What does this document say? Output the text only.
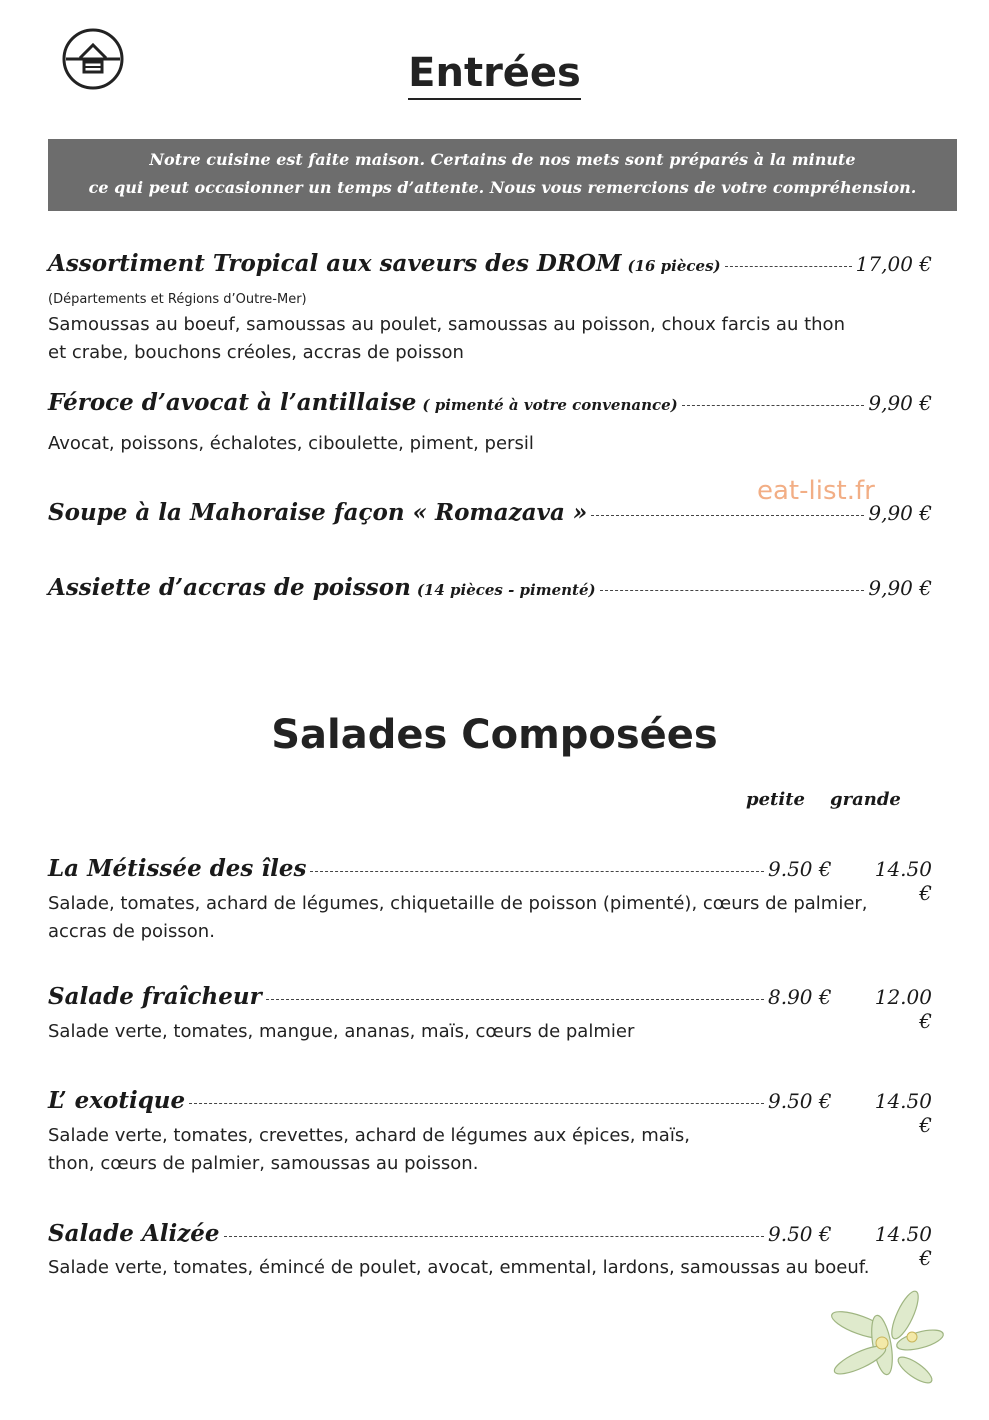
Entrées
Notre cuisine est faite maison. Certains de nos mets sont préparés à la minute
ce qui peut occasionner un temps d’attente. Nous vous remercions de votre compréhension.
Assortiment Tropical aux saveurs des DROM (16 pièces)	17,00 €
(Départements et Régions d’Outre-Mer)
Samoussas au boeuf, samoussas au poulet, samoussas au poisson, choux farcis au thon
et crabe, bouchons créoles, accras de poisson
Féroce d’avocat à l’antillaise ( pimenté à votre convenance)	9,90 €
Avocat, poissons, échalotes, ciboulette, piment, persil
Soupe à la Mahoraise façon « Romazava »	9,90 €
Assiette d’accras de poisson (14 pièces - pimenté)	9,90 €
eat-list.fr
Salades Composées
petite grande
La Métissée des îles	9.50 €	14.50 €
Salade, tomates, achard de légumes, chiquetaille de poisson (pimenté), cœurs de palmier,
accras de poisson.
Salade fraîcheur	8.90 €	12.00 €
Salade verte, tomates, mangue, ananas, maïs, cœurs de palmier
L’ exotique	9.50 €	14.50 €
Salade verte, tomates, crevettes, achard de légumes aux épices, maïs,
thon, cœurs de palmier, samoussas au poisson.
Salade Alizée	9.50 €	14.50 €
Salade verte, tomates, émincé de poulet, avocat, emmental, lardons, samoussas au boeuf.
